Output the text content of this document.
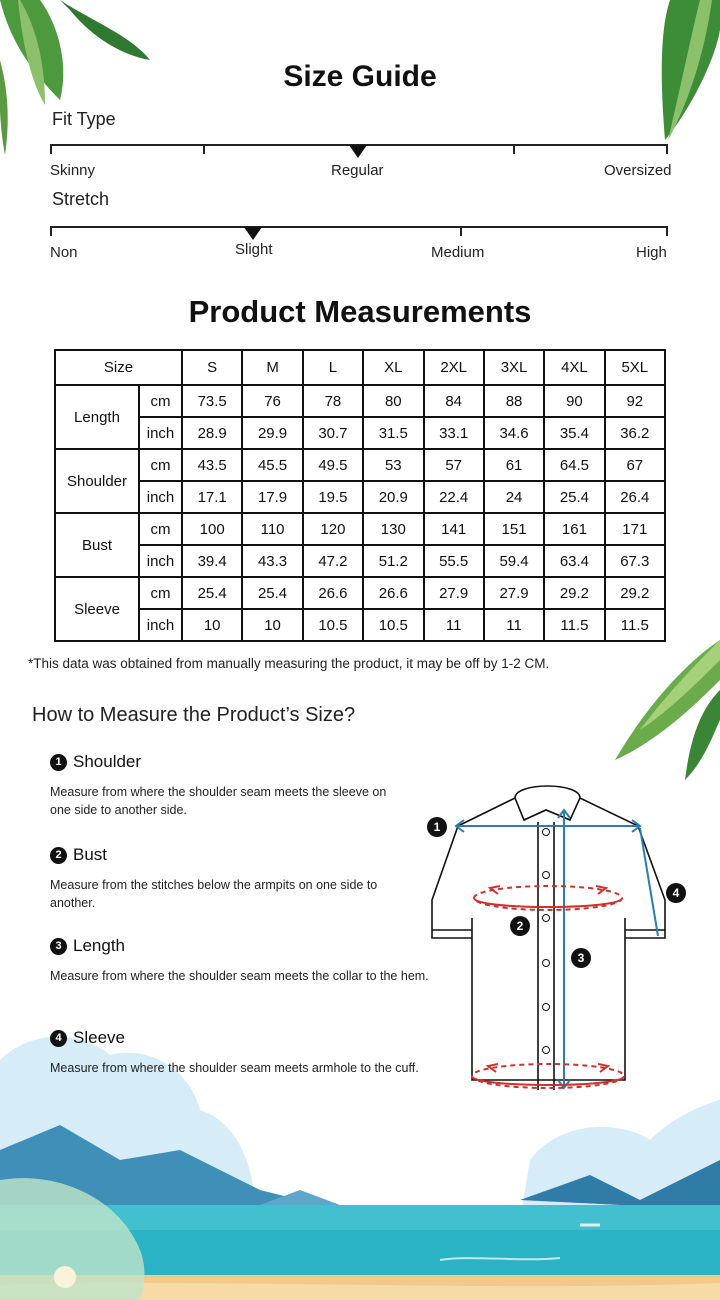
Size Guide
Fit Type
Skinny	Regular	Oversized
Stretch
Non	Slight	Medium	High
Product Measurements
Size		S	M	L	XL	2XL	3XL	4XL	5XL
Length	cm	73.5	76	78	80	84	88	90	92
	inch	28.9	29.9	30.7	31.5	33.1	34.6	35.4	36.2
Shoulder	cm	43.5	45.5	49.5	53	57	61	64.5	67
	inch	17.1	17.9	19.5	20.9	22.4	24	25.4	26.4
Bust	cm	100	110	120	130	141	151	161	171
	inch	39.4	43.3	47.2	51.2	55.5	59.4	63.4	67.3
Sleeve	cm	25.4	25.4	26.6	26.6	27.9	27.9	29.2	29.2
	inch	10	10	10.5	10.5	11	11	11.5	11.5
*This data was obtained from manually measuring the product, it may be off by 1-2 CM.
How to Measure the Product’s Size?
1 Shoulder
Measure from where the shoulder seam meets the sleeve on one side to another side.
2 Bust
Measure from the stitches below the armpits on one side to another.
3 Length
Measure from where the shoulder seam meets the collar to the hem.
4 Sleeve
Measure from where the shoulder seam meets armhole to the cuff.
1
2
3
4
